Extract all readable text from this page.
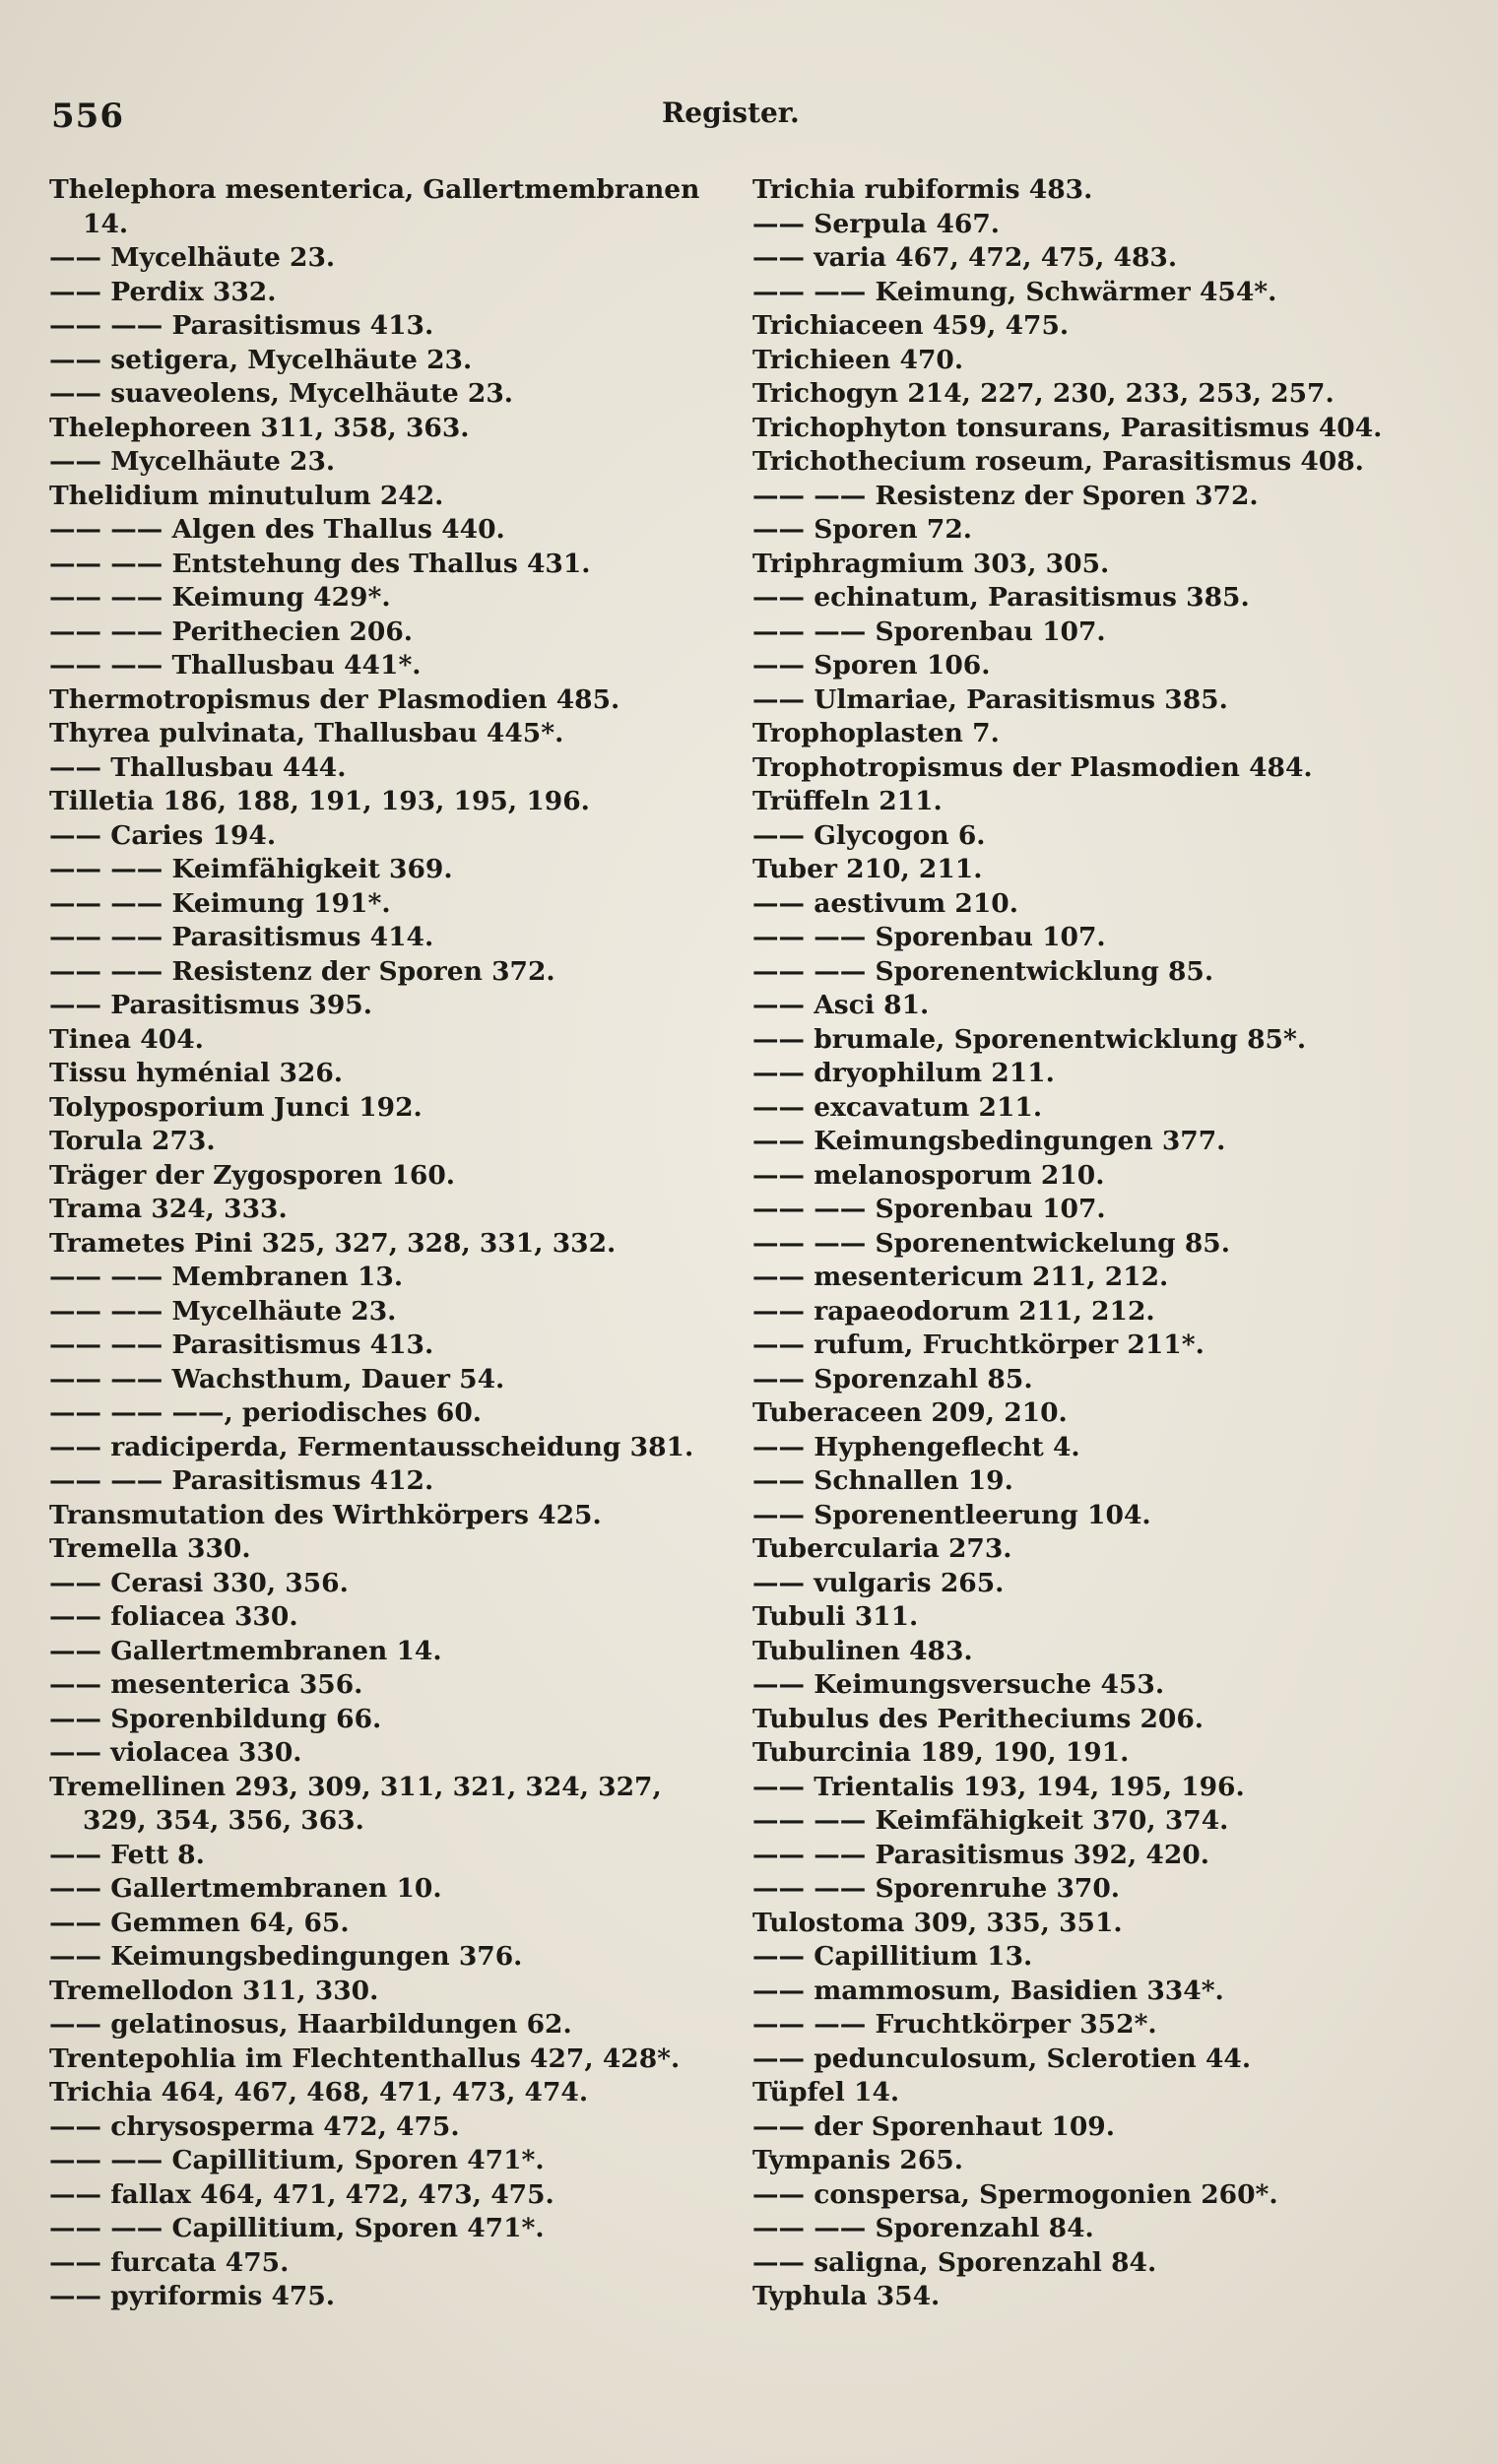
556	Register.
Thelephora mesenterica, Gallertmembranen
14.
—— Mycelhäute 23.
—— Perdix 332.
—— —— Parasitismus 413.
—— setigera, Mycelhäute 23.
—— suaveolens, Mycelhäute 23.
Thelephoreen 311, 358, 363.
—— Mycelhäute 23.
Thelidium minutulum 242.
—— —— Algen des Thallus 440.
—— —— Entstehung des Thallus 431.
—— —— Keimung 429*.
—— —— Perithecien 206.
—— —— Thallusbau 441*.
Thermotropismus der Plasmodien 485.
Thyrea pulvinata, Thallusbau 445*.
—— Thallusbau 444.
Tilletia 186, 188, 191, 193, 195, 196.
—— Caries 194.
—— —— Keimfähigkeit 369.
—— —— Keimung 191*.
—— —— Parasitismus 414.
—— —— Resistenz der Sporen 372.
—— Parasitismus 395.
Tinea 404.
Tissu hyménial 326.
Tolyposporium Junci 192.
Torula 273.
Träger der Zygosporen 160.
Trama 324, 333.
Trametes Pini 325, 327, 328, 331, 332.
—— —— Membranen 13.
—— —— Mycelhäute 23.
—— —— Parasitismus 413.
—— —— Wachsthum, Dauer 54.
—— —— ——, periodisches 60.
—— radiciperda, Fermentausscheidung 381.
—— —— Parasitismus 412.
Transmutation des Wirthkörpers 425.
Tremella 330.
—— Cerasi 330, 356.
—— foliacea 330.
—— Gallertmembranen 14.
—— mesenterica 356.
—— Sporenbildung 66.
—— violacea 330.
Tremellinen 293, 309, 311, 321, 324, 327,
329, 354, 356, 363.
—— Fett 8.
—— Gallertmembranen 10.
—— Gemmen 64, 65.
—— Keimungsbedingungen 376.
Tremellodon 311, 330.
—— gelatinosus, Haarbildungen 62.
Trentepohlia im Flechtenthallus 427, 428*.
Trichia 464, 467, 468, 471, 473, 474.
—— chrysosperma 472, 475.
—— —— Capillitium, Sporen 471*.
—— fallax 464, 471, 472, 473, 475.
—— —— Capillitium, Sporen 471*.
—— furcata 475.
—— pyriformis 475.
Trichia rubiformis 483.
—— Serpula 467.
—— varia 467, 472, 475, 483.
—— —— Keimung, Schwärmer 454*.
Trichiaceen 459, 475.
Trichieen 470.
Trichogyn 214, 227, 230, 233, 253, 257.
Trichophyton tonsurans, Parasitismus 404.
Trichothecium roseum, Parasitismus 408.
—— —— Resistenz der Sporen 372.
—— Sporen 72.
Triphragmium 303, 305.
—— echinatum, Parasitismus 385.
—— —— Sporenbau 107.
—— Sporen 106.
—— Ulmariae, Parasitismus 385.
Trophoplasten 7.
Trophotropismus der Plasmodien 484.
Trüffeln 211.
—— Glycogon 6.
Tuber 210, 211.
—— aestivum 210.
—— —— Sporenbau 107.
—— —— Sporenentwicklung 85.
—— Asci 81.
—— brumale, Sporenentwicklung 85*.
—— dryophilum 211.
—— excavatum 211.
—— Keimungsbedingungen 377.
—— melanosporum 210.
—— —— Sporenbau 107.
—— —— Sporenentwickelung 85.
—— mesentericum 211, 212.
—— rapaeodorum 211, 212.
—— rufum, Fruchtkörper 211*.
—— Sporenzahl 85.
Tuberaceen 209, 210.
—— Hyphengeflecht 4.
—— Schnallen 19.
—— Sporenentleerung 104.
Tubercularia 273.
—— vulgaris 265.
Tubuli 311.
Tubulinen 483.
—— Keimungsversuche 453.
Tubulus des Peritheciums 206.
Tuburcinia 189, 190, 191.
—— Trientalis 193, 194, 195, 196.
—— —— Keimfähigkeit 370, 374.
—— —— Parasitismus 392, 420.
—— —— Sporenruhe 370.
Tulostoma 309, 335, 351.
—— Capillitium 13.
—— mammosum, Basidien 334*.
—— —— Fruchtkörper 352*.
—— pedunculosum, Sclerotien 44.
Tüpfel 14.
—— der Sporenhaut 109.
Tympanis 265.
—— conspersa, Spermogonien 260*.
—— —— Sporenzahl 84.
—— saligna, Sporenzahl 84.
Typhula 354.
